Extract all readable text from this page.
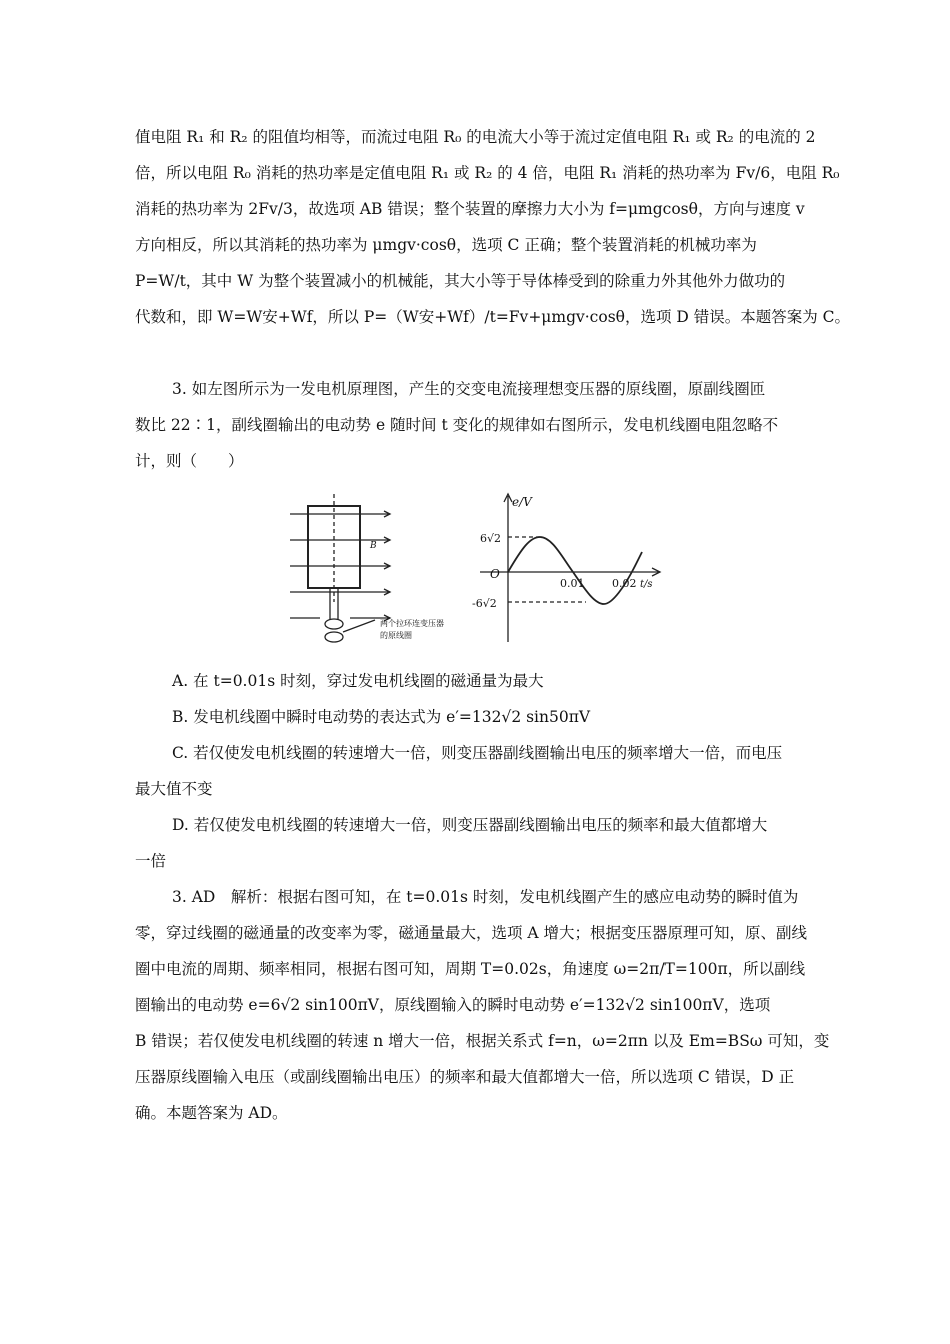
值电阻 R₁ 和 R₂ 的阻值均相等，而流过电阻 R₀ 的电流大小等于流过定值电阻 R₁ 或 R₂ 的电流的 2
倍，所以电阻 R₀ 消耗的热功率是定值电阻 R₁ 或 R₂ 的 4 倍，电阻 R₁ 消耗的热功率为 Fv/6，电阻 R₀
消耗的热功率为 2Fv/3，故选项 AB 错误；整个装置的摩擦力大小为 f=μmgcosθ，方向与速度 v
方向相反，所以其消耗的热功率为 μmgv·cosθ，选项 C 正确；整个装置消耗的机械功率为
P=W/t，其中 W 为整个装置减小的机械能，其大小等于导体棒受到的除重力外其他外力做功的
代数和，即 W=W安+Wf，所以 P=（W安+Wf）/t=Fv+μmgv·cosθ，选项 D 错误。本题答案为 C。
3. 如左图所示为一发电机原理图，产生的交变电流接理想变压器的原线圈，原副线圈匝
数比 22∶1，副线圈输出的电动势 e 随时间 t 变化的规律如右图所示，发电机线圈电阻忽略不
计，则（　　）
B
两个拉环连变压器
的原线圈
e/V
O
6√2
-6√2
0.01	0.02 t/s
A. 在 t=0.01s 时刻，穿过发电机线圈的磁通量为最大
B. 发电机线圈中瞬时电动势的表达式为 e′=132√2 sin50πV
C. 若仅使发电机线圈的转速增大一倍，则变压器副线圈输出电压的频率增大一倍，而电压
最大值不变
D. 若仅使发电机线圈的转速增大一倍，则变压器副线圈输出电压的频率和最大值都增大
一倍
3. AD　解析：根据右图可知，在 t=0.01s 时刻，发电机线圈产生的感应电动势的瞬时值为
零，穿过线圈的磁通量的改变率为零，磁通量最大，选项 A 增大；根据变压器原理可知，原、副线
圈中电流的周期、频率相同，根据右图可知，周期 T=0.02s，角速度 ω=2π/T=100π，所以副线
圈输出的电动势 e=6√2 sin100πV，原线圈输入的瞬时电动势 e′=132√2 sin100πV，选项
B 错误；若仅使发电机线圈的转速 n 增大一倍，根据关系式 f=n，ω=2πn 以及 Em=BSω 可知，变
压器原线圈输入电压（或副线圈输出电压）的频率和最大值都增大一倍，所以选项 C 错误，D 正
确。本题答案为 AD。
